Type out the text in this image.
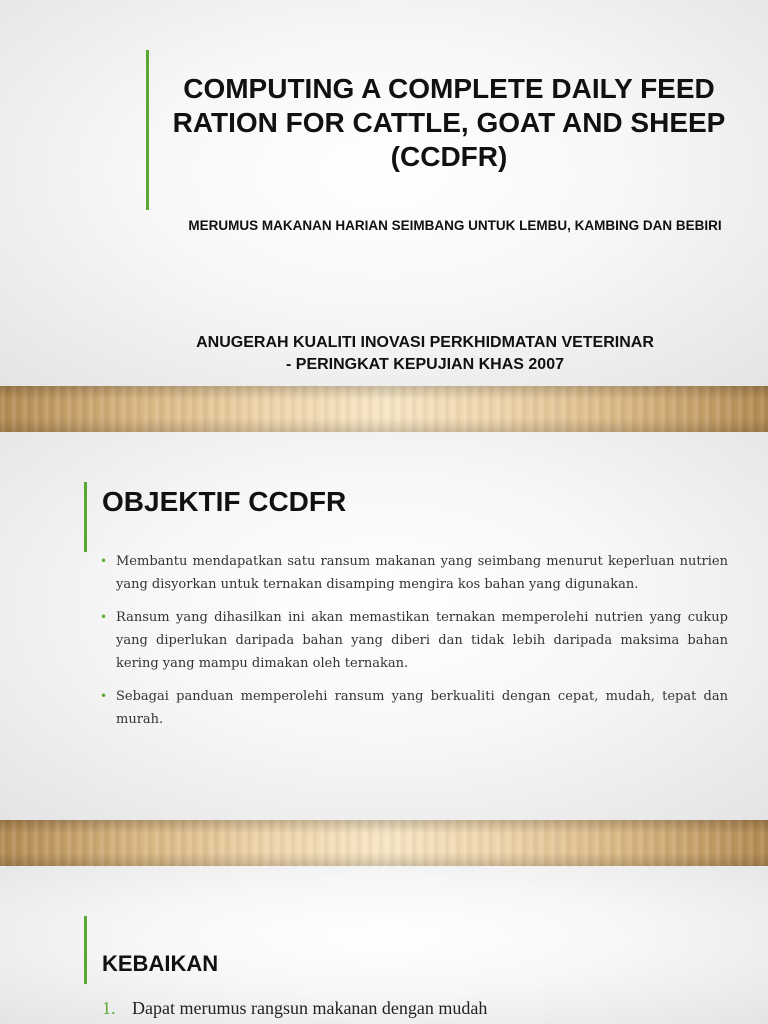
COMPUTING A COMPLETE DAILY FEED RATION FOR CATTLE, GOAT AND SHEEP (CCDFR)
MERUMUS MAKANAN HARIAN SEIMBANG UNTUK LEMBU, KAMBING DAN BEBIRI
ANUGERAH KUALITI INOVASI PERKHIDMATAN VETERINAR
- PERINGKAT KEPUJIAN KHAS 2007
OBJEKTIF CCDFR
• Membantu mendapatkan satu ransum makanan yang seimbang menurut keperluan nutrien yang disyorkan untuk ternakan disamping mengira kos bahan yang digunakan.
• Ransum yang dihasilkan ini akan memastikan ternakan memperolehi nutrien yang cukup yang diperlukan daripada bahan yang diberi dan tidak lebih daripada maksima bahan kering yang mampu dimakan oleh ternakan.
• Sebagai panduan memperolehi ransum yang berkualiti dengan cepat, mudah, tepat dan murah.
KEBAIKAN
1. Dapat merumus rangsun makanan dengan mudah
